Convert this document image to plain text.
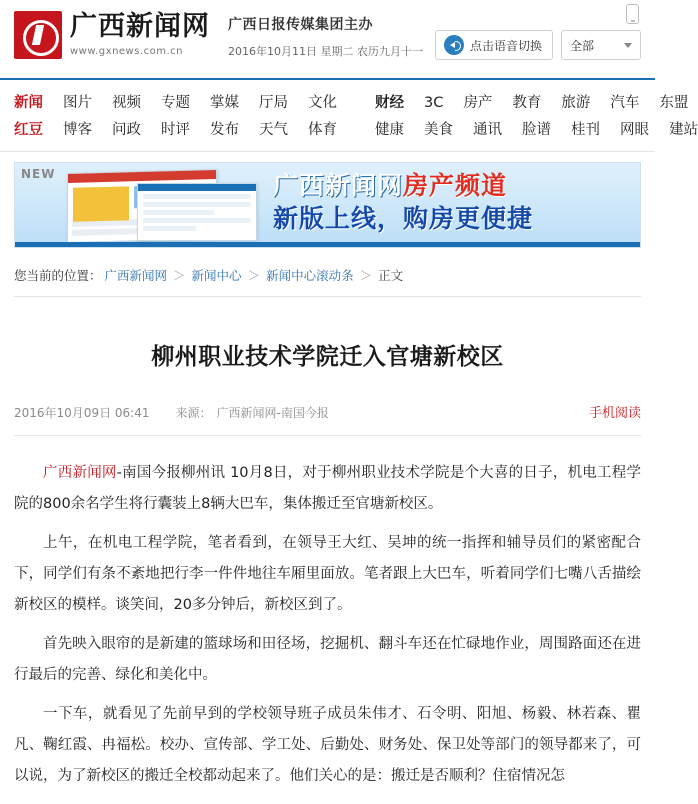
广西新闻网
www.gxnews.com.cn
广西日报传媒集团主办
2016年10月11日 星期二 农历九月十一	点击语音切换 全部
新闻 图片 视频 专题 掌媒 厅局 文化	财经 3C 房产 教育 旅游 汽车 东盟
红豆 博客 问政 时评 发布 天气 体育	健康 美食 通讯 脸谱 桂刊 网眼 建站
NEW	广西新闻网房产频道
新版上线，购房更便捷
您当前的位置： 广西新闻网 ＞ 新闻中心 ＞ 新闻中心滚动条 ＞ 正文
柳州职业技术学院迁入官塘新校区
2016年10月09日 06:41 来源： 广西新闻网-南国今报	手机阅读

广西新闻网-南国今报柳州讯 10月8日，对于柳州职业技术学院是个大喜的日子，机电工程学院的800余名学生将行囊装上8辆大巴车，集体搬迁至官塘新校区。

上午，在机电工程学院，笔者看到，在领导王大红、吴坤的统一指挥和辅导员们的紧密配合下，同学们有条不紊地把行李一件件地往车厢里面放。笔者跟上大巴车，听着同学们七嘴八舌描绘新校区的模样。谈笑间，20多分钟后，新校区到了。

首先映入眼帘的是新建的篮球场和田径场，挖掘机、翻斗车还在忙碌地作业，周围路面还在进行最后的完善、绿化和美化中。

一下车，就看见了先前早到的学校领导班子成员朱伟才、石令明、阳旭、杨毅、林若森、瞿凡、鞠红霞、冉福松。校办、宣传部、学工处、后勤处、财务处、保卫处等部门的领导都来了，可以说，为了新校区的搬迁全校都动起来了。他们关心的是：搬迁是否顺利？住宿情况怎
